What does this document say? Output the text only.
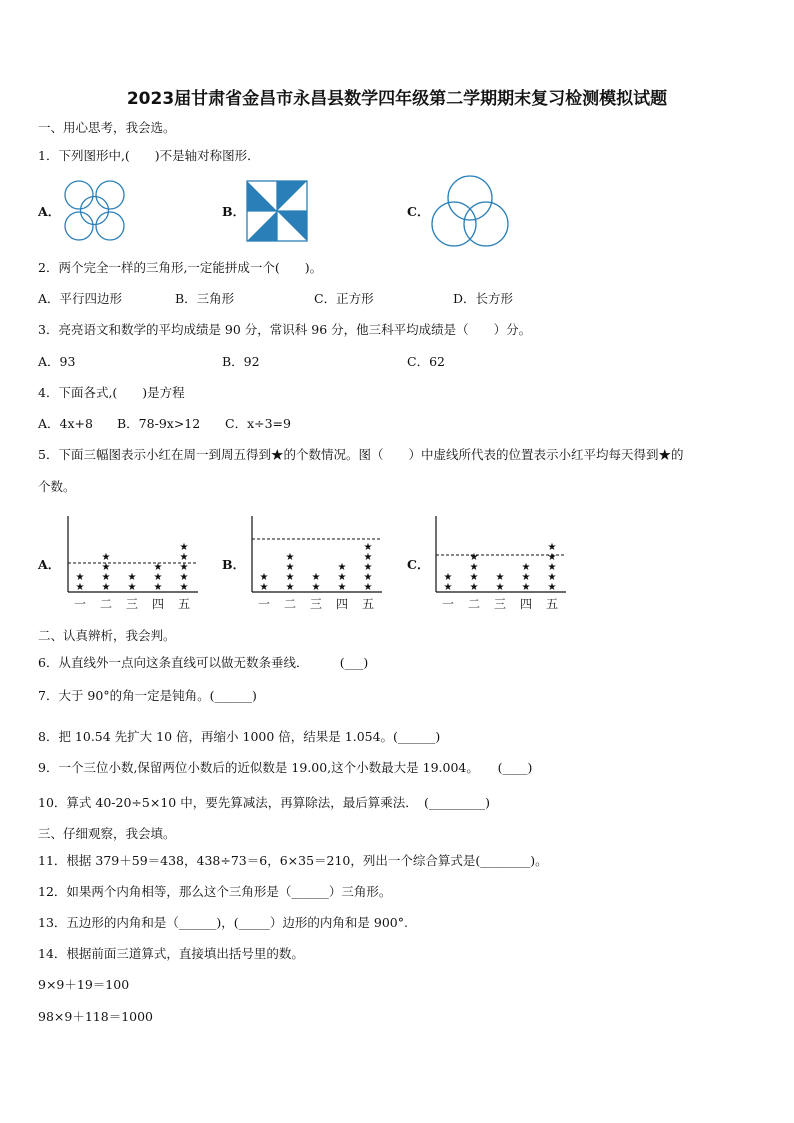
2023届甘肃省金昌市永昌县数学四年级第二学期期末复习检测模拟试题
一、用心思考，我会选。
1．下列图形中,(　　)不是轴对称图形．
A．	B．	C．
2．两个完全一样的三角形,一定能拼成一个(　　)。
A．平行四边形	B．三角形	C．正方形	D．长方形
3．亮亮语文和数学的平均成绩是 90 分，常识科 96 分，他三科平均成绩是（　　）分。
A．93	B．92	C．62
4．下面各式,(　　)是方程
A．4x+8 B．78-9x>12 C．x÷3=9
5．下面三幅图表示小红在周一到周五得到★的个数情况。图（　　）中虚线所代表的位置表示小红平均每天得到★的
个数。
A．
★
★
一
★
★
★
★
二
★
★
三
★
★
★
四
★
★
★
★
★
五
B．
★
★
一
★
★
★
★
二
★
★
三
★
★
★
四
★
★
★
★
★
五
C．
★
★
一
★
★
★
★
二
★
★
三
★
★
★
四
★
★
★
★
★
五
二、认真辨析，我会判。
6．从直线外一点向这条直线可以做无数条垂线．　　　(___)
7．大于 90°的角一定是钝角。(______)
8．把 10.54 先扩大 10 倍，再缩小 1000 倍，结果是 1.054。(______)
9．一个三位小数,保留两位小数后的近似数是 19.00,这个小数最大是 19.004。　　(____)
10．算式 40-20÷5×10 中，要先算减法，再算除法，最后算乘法．　(_________)
三、仔细观察，我会填。
11．根据 379＋59＝438，438÷73＝6，6×35＝210，列出一个综合算式是(________)。
12．如果两个内角相等，那么这个三角形是（______）三角形。
13．五边形的内角和是（______)，(_____）边形的内角和是 900°.
14．根据前面三道算式，直接填出括号里的数。
9×9＋19＝100
98×9＋118＝1000
